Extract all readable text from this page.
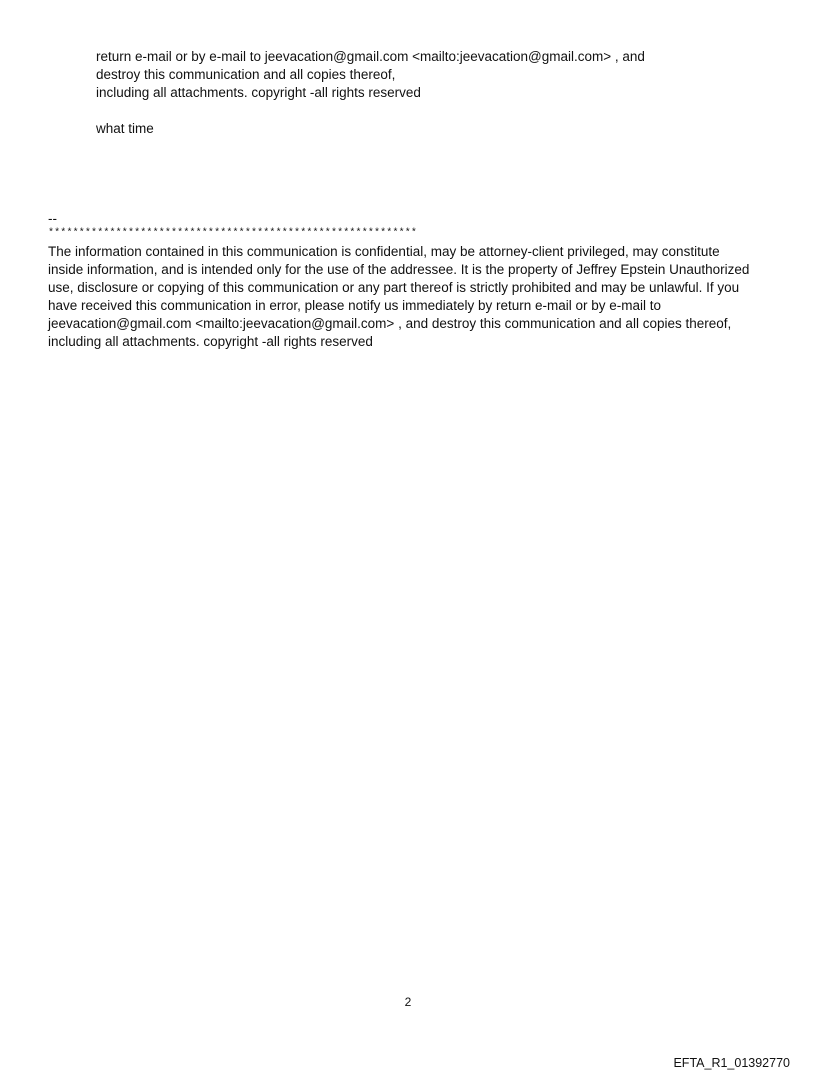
return e-mail or by e-mail to jeevacation@gmail.com <mailto:jeevacation@gmail.com> , and
destroy this communication and all copies thereof,
including all attachments. copyright -all rights reserved
what time
--
************************************************************
The information contained in this communication is confidential, may be attorney-client privileged, may constitute
inside information, and is intended only for the use of the addressee. It is the property of Jeffrey Epstein Unauthorized
use, disclosure or copying of this communication or any part thereof is strictly prohibited and may be unlawful. If you
have received this communication in error, please notify us immediately by return e-mail or by e-mail to
jeevacation@gmail.com <mailto:jeevacation@gmail.com> , and destroy this communication and all copies thereof,
including all attachments. copyright -all rights reserved
2
EFTA_R1_01392770
